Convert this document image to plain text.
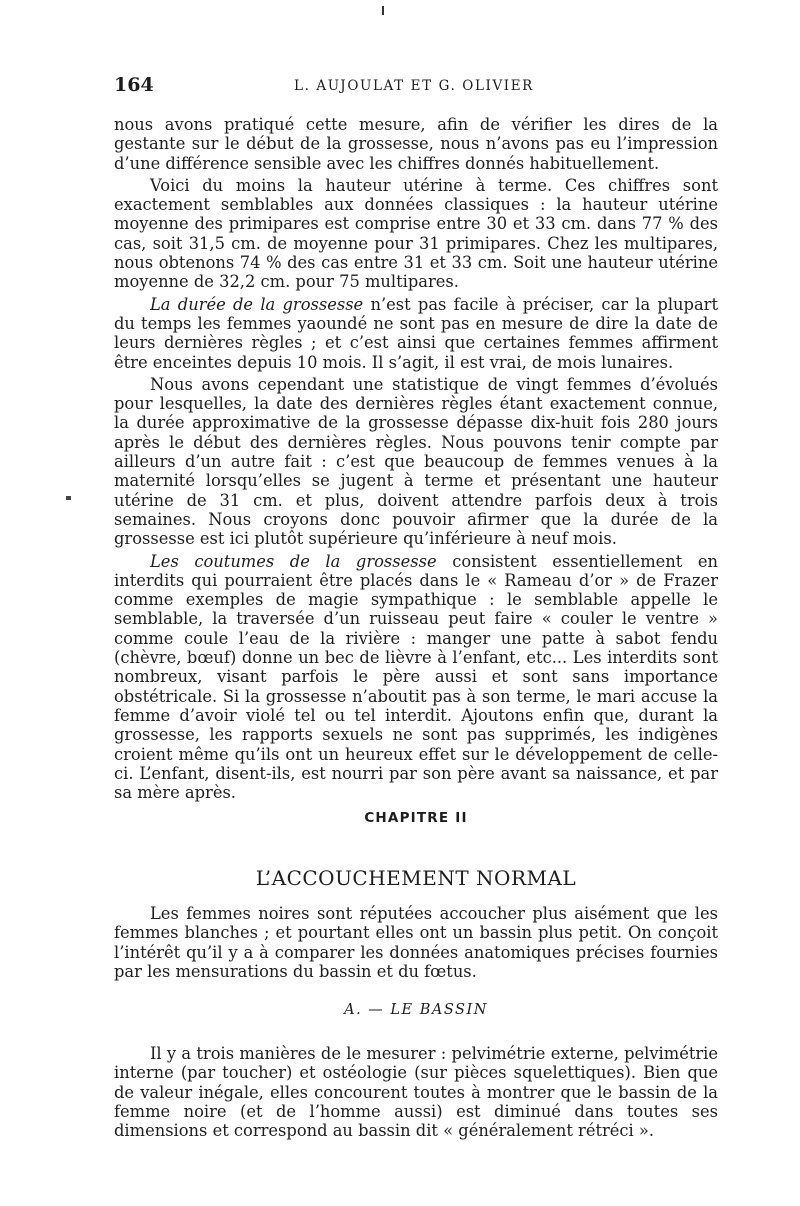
164	L. AUJOULAT ET G. OLIVIER

nous avons pratiqué cette mesure, afin de vérifier les dires de la gestante sur le début de la grossesse, nous n’avons pas eu l’impression d’une différence sensible avec les chiffres donnés habituellement.

Voici du moins la hauteur utérine à terme. Ces chiffres sont exactement semblables aux données classiques : la hauteur utérine moyenne des primipares est comprise entre 30 et 33 cm. dans 77 % des cas, soit 31,5 cm. de moyenne pour 31 primipares. Chez les multipares, nous obtenons 74 % des cas entre 31 et 33 cm. Soit une hauteur utérine moyenne de 32,2 cm. pour 75 multipares.

La durée de la grossesse n’est pas facile à préciser, car la plupart du temps les femmes yaoundé ne sont pas en mesure de dire la date de leurs dernières règles ; et c’est ainsi que certaines femmes affirment être enceintes depuis 10 mois. Il s’agit, il est vrai, de mois lunaires.

Nous avons cependant une statistique de vingt femmes d’évolués pour lesquelles, la date des dernières règles étant exactement connue, la durée approximative de la grossesse dépasse dix-huit fois 280 jours après le début des dernières règles. Nous pouvons tenir compte par ailleurs d’un autre fait : c’est que beaucoup de femmes venues à la maternité lorsqu’elles se jugent à terme et présentant une hauteur utérine de 31 cm. et plus, doivent attendre parfois deux à trois semaines. Nous croyons donc pouvoir afirmer que la durée de la grossesse est ici plutôt supérieure qu’inférieure à neuf mois.

Les coutumes de la grossesse consistent essentiellement en interdits qui pourraient être placés dans le « Rameau d’or » de Frazer comme exemples de magie sympathique : le semblable appelle le semblable, la traversée d’un ruisseau peut faire « couler le ventre » comme coule l’eau de la rivière : manger une patte à sabot fendu (chèvre, bœuf) donne un bec de lièvre à l’enfant, etc... Les interdits sont nombreux, visant parfois le père aussi et sont sans importance obstétricale. Si la grossesse n’aboutit pas à son terme, le mari accuse la femme d’avoir violé tel ou tel interdit. Ajoutons enfin que, durant la grossesse, les rapports sexuels ne sont pas supprimés, les indigènes croient même qu’ils ont un heureux effet sur le développement de celle-ci. L’enfant, disent-ils, est nourri par son père avant sa naissance, et par sa mère après.

CHAPITRE II
L’ACCOUCHEMENT NORMAL

Les femmes noires sont réputées accoucher plus aisément que les femmes blanches ; et pourtant elles ont un bassin plus petit. On conçoit l’intérêt qu’il y a à comparer les données anatomiques précises fournies par les mensurations du bassin et du fœtus.

A. — LE BASSIN

Il y a trois manières de le mesurer : pelvimétrie externe, pelvimétrie interne (par toucher) et ostéologie (sur pièces squelettiques). Bien que de valeur inégale, elles concourent toutes à montrer que le bassin de la femme noire (et de l’homme aussi) est diminué dans toutes ses dimensions et correspond au bassin dit « généralement rétréci ».
